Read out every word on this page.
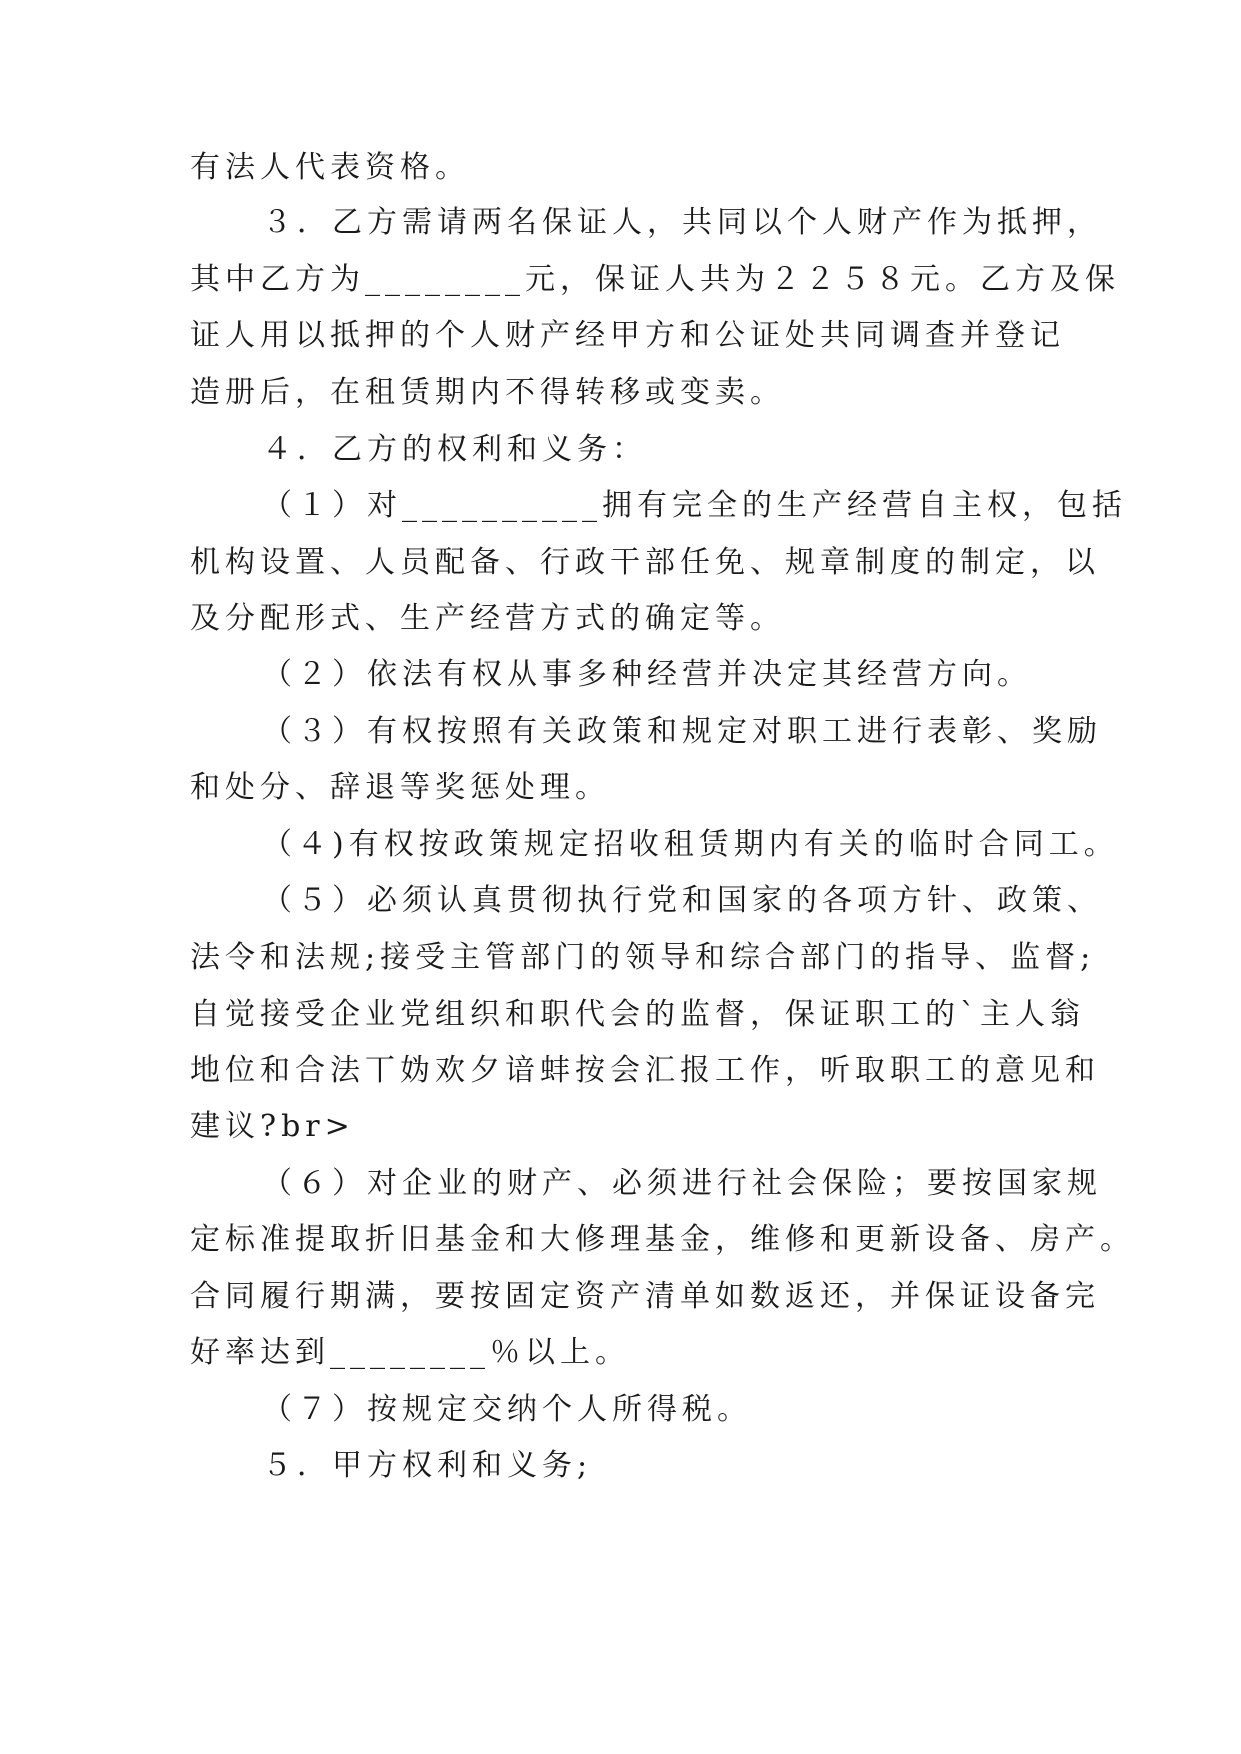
有法人代表资格。
３．乙方需请两名保证人，共同以个人财产作为抵押，
其中乙方为________元，保证人共为２２５８元。乙方及保
证人用以抵押的个人财产经甲方和公证处共同调查并登记
造册后，在租赁期内不得转移或变卖。
４．乙方的权利和义务：
（１）对__________拥有完全的生产经营自主权，包括
机构设置、人员配备、行政干部任免、规章制度的制定，以
及分配形式、生产经营方式的确定等。
（２）依法有权从事多种经营并决定其经营方向。
（３）有权按照有关政策和规定对职工进行表彰、奖励
和处分、辞退等奖惩处理。
（４)有权按政策规定招收租赁期内有关的临时合同工。
（５）必须认真贯彻执行党和国家的各项方针、政策、
法令和法规;接受主管部门的领导和综合部门的指导、监督;
自觉接受企业党组织和职代会的监督，保证职工的`主人翁
地位和合法丅妫欢夕谙蚌按会汇报工作，听取职工的意见和
建议?br>
（６）对企业的财产、必须进行社会保险；要按国家规
定标准提取折旧基金和大修理基金，维修和更新设备、房产。
合同履行期满，要按固定资产清单如数返还，并保证设备完
好率达到________％以上。
（７）按规定交纳个人所得税。
５．甲方权利和义务;
